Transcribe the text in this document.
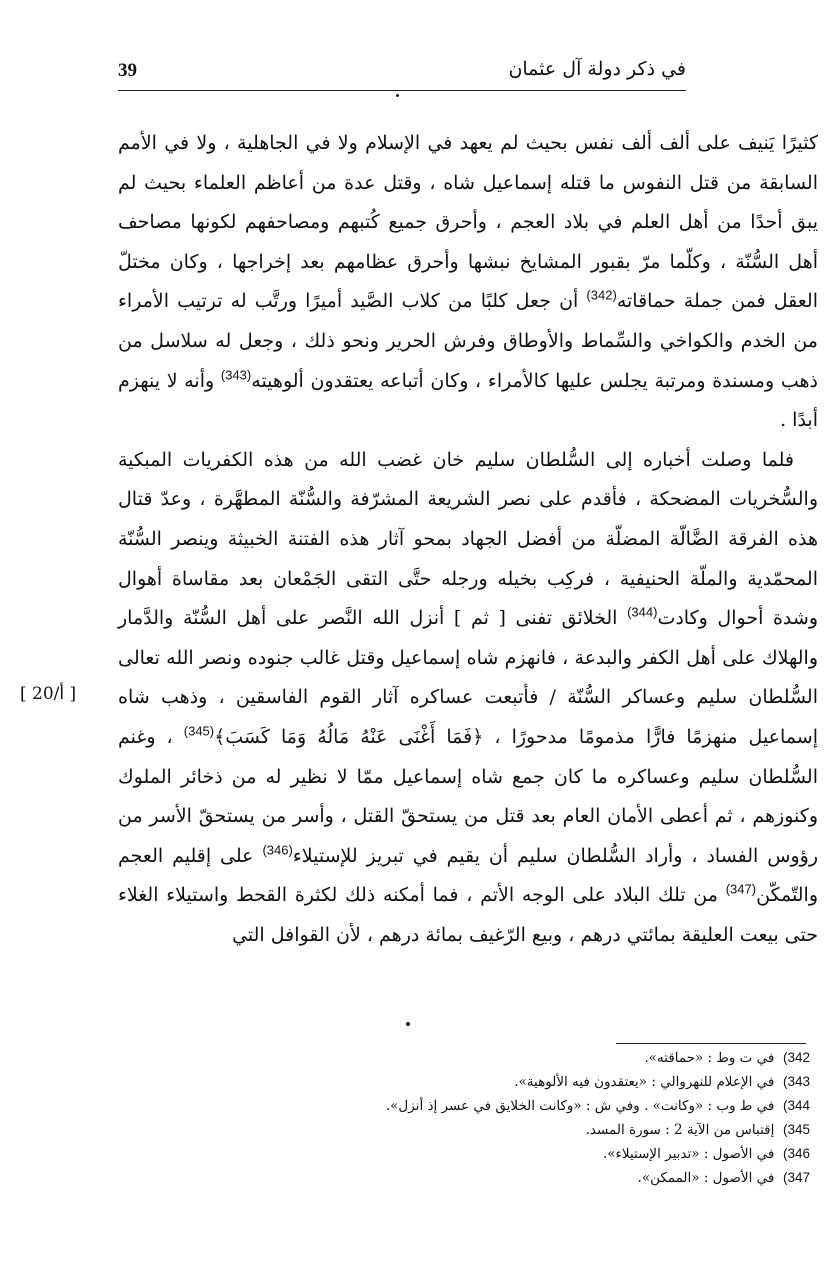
39	في ذكر دولة آل عثمان
[ 20/أ ]

كثيرًا يَنيف على ألف ألف نفس بحيث لم يعهد في الإسلام ولا في الجاهلية ، ولا في الأمم السابقة من قتل النفوس ما قتله إسماعيل شاه ، وقتل عدة من أعاظم العلماء بحيث لم يبق أحدًا من أهل العلم في بلاد العجم ، وأحرق جميع كُتبهم ومصاحفهم لكونها مصاحف أهل السُّنّة ، وكلّما مرّ بقبور المشايخ نبشها وأحرق عظامهم بعد إخراجها ، وكان مختلّ العقل فمن جملة حماقاته$^{(342)}$ أن جعل كلبًا من كلاب الصَّيد أميرًا ورتَّب له ترتيب الأمراء من الخدم والكواخي والسِّماط والأوطاق وفرش الحرير ونحو ذلك ، وجعل له سلاسل من ذهب ومسندة ومرتبة يجلس عليها كالأمراء ، وكان أتباعه يعتقدون ألوهيته$^{(343)}$ وأنه لا ينهزم أبدًا .

فلما وصلت أخباره إلى السُّلطان سليم خان غضب الله من هذه الكفريات المبكية والسُّخريات المضحكة ، فأقدم على نصر الشريعة المشرّفة والسُّنّة المطهَّرة ، وعدّ قتال هذه الفرقة الضَّالّة المضلّة من أفضل الجهاد بمحو آثار هذه الفتنة الخبيثة وينصر السُّنّة المحمّدية والملّة الحنيفية ، فركِب بخيله ورجله حتَّى التقى الجَمْعان بعد مقاساة أهوال وشدة أحوال وكادت$^{(344)}$ الخلائق تفنى [ ثم ] أنزل الله النَّصر على أهل السُّنّة والدَّمار والهلاك على أهل الكفر والبدعة ، فانهزم شاه إسماعيل وقتل غالب جنوده ونصر الله تعالى السُّلطان سليم وعساكر السُّنّة / فأتبعت عساكره آثار القوم الفاسقين ، وذهب شاه إسماعيل منهزمًا فارًّا مذمومًا مدحورًا ، ﴿فَمَا أَغْنَى عَنْهُ مَالُهُ وَمَا كَسَبَ﴾$^{(345)}$ ، وغنم السُّلطان سليم وعساكره ما كان جمع شاه إسماعيل ممّا لا نظير له من ذخائر الملوك وكنوزهم ، ثم أعطى الأمان العام بعد قتل من يستحقّ القتل ، وأسر من يستحقّ الأسر من رؤوس الفساد ، وأراد السُّلطان سليم أن يقيم في تبريز للإستيلاء$^{(346)}$ على إقليم العجم والتّمكّن$^{(347)}$ من تلك البلاد على الوجه الأتم ، فما أمكنه ذلك لكثرة القحط واستيلاء الغلاء حتى بيعت العليقة بمائتي درهم ، وبيع الرّغيف بمائة درهم ، لأن القوافل التي

342)  في ت وط : «حماقته».
343)  في الإعلام للنهروالي : «يعتقدون فيه الألوهية».
344)  في ط وب : «وكانت» . وفي ش : «وكانت الخلايق في عسر إذ أنزل».
345)  إقتباس من الآية 2 : سورة المسد.
346)  في الأصول : «تدبير الإستيلاء».
347)  في الأصول : «الممكن».
